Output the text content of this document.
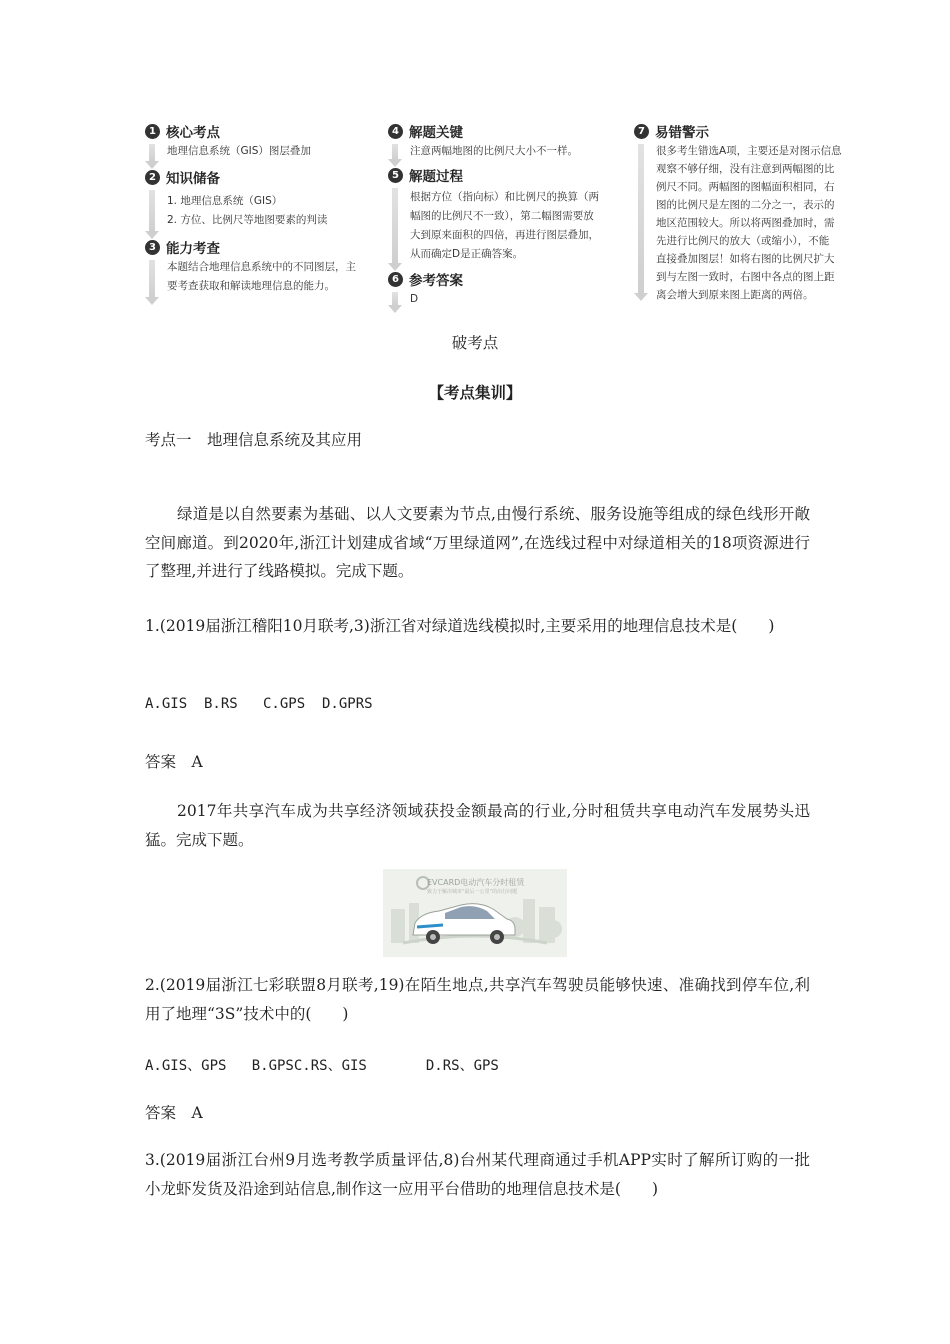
1 核心考点

地理信息系统（GIS）图层叠加

2 知识储备

1. 地理信息系统（GIS）

2. 方位、比例尺等地图要素的判读

3 能力考查

本题结合地理信息系统中的不同图层，主

要考查获取和解读地理信息的能力。

4 解题关键

注意两幅地图的比例尺大小不一样。

5 解题过程

根据方位（指向标）和比例尺的换算（两

幅图的比例尺不一致），第二幅图需要放

大到原来面积的四倍，再进行图层叠加，

从而确定D是正确答案。

6 参考答案

D

7 易错警示

很多考生错选A项，主要还是对图示信息

观察不够仔细，没有注意到两幅图的比

例尺不同。两幅图的图幅面积相同，右

图的比例尺是左图的二分之一，表示的

地区范围较大。所以将两图叠加时，需

先进行比例尺的放大（或缩小），不能

直接叠加图层！如将右图的比例尺扩大

到与左图一致时，右图中各点的图上距

离会增大到原来图上距离的两倍。

破考点
【考点集训】
考点一　地理信息系统及其应用
绿道是以自然要素为基础、以人文要素为节点,由慢行系统、服务设施等组成的绿色线形开敞空间廊道。到2020年,浙江计划建成省域“万里绿道网”,在选线过程中对绿道相关的18项资源进行了整理,并进行了线路模拟。完成下题。
1.(2019届浙江稽阳10月联考,3)浙江省对绿道选线模拟时,主要采用的地理信息技术是(　　)
A.GIS  B.RS   C.GPS  D.GPRS
答案　A
2017年共享汽车成为共享经济领域获投金额最高的行业,分时租赁共享电动汽车发展势头迅猛。完成下题。
EVCARD电动汽车分时租赁
致力于解决城市“最后一公里”的出行问题
2.(2019届浙江七彩联盟8月联考,19)在陌生地点,共享汽车驾驶员能够快速、准确找到停车位,利用了地理“3S”技术中的(　　)
A.GIS、GPS   B.GPSC.RS、GIS       D.RS、GPS
答案　A
3.(2019届浙江台州9月选考教学质量评估,8)台州某代理商通过手机APP实时了解所订购的一批小龙虾发货及沿途到站信息,制作这一应用平台借助的地理信息技术是(　　)
